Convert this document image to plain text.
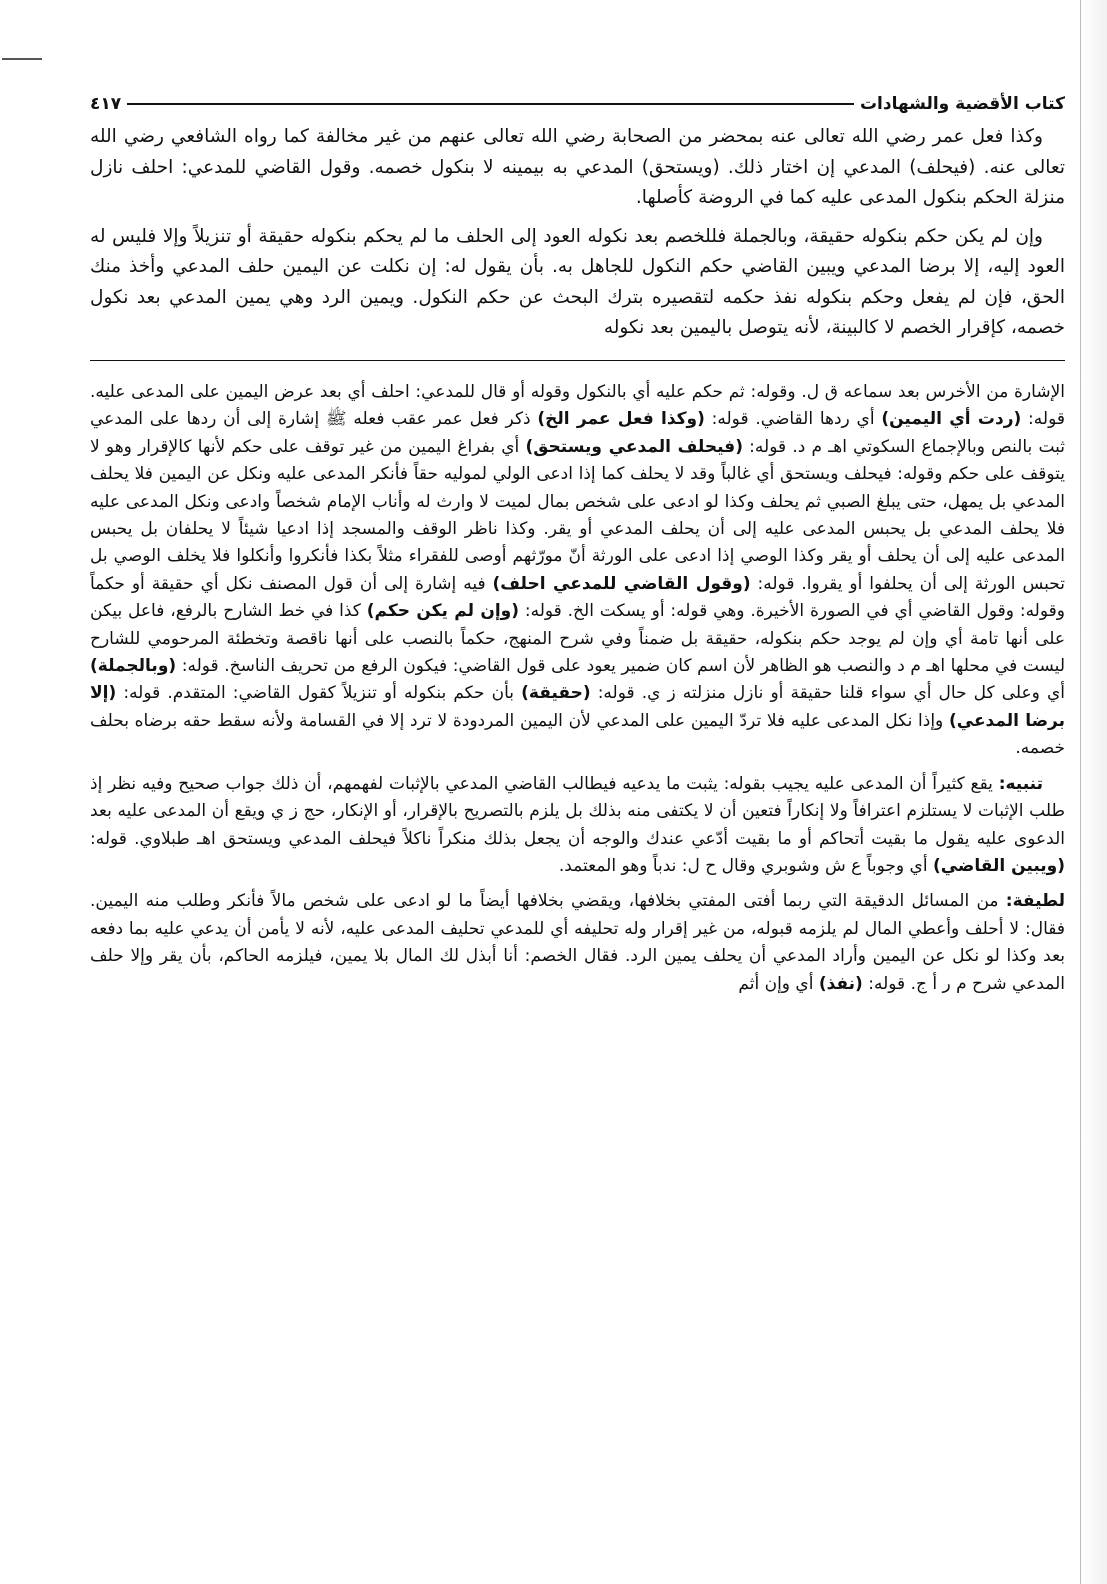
كتاب الأقضية والشهادات
٤١٧

وكذا فعل عمر رضي الله تعالى عنه بمحضر من الصحابة رضي الله تعالى عنهم من غير مخالفة كما رواه الشافعي رضي الله تعالى عنه. (فيحلف) المدعي إن اختار ذلك. (ويستحق) المدعي به بيمينه لا بنكول خصمه. وقول القاضي للمدعي: احلف نازل منزلة الحكم بنكول المدعى عليه كما في الروضة كأصلها.

وإن لم يكن حكم بنكوله حقيقة، وبالجملة فللخصم بعد نكوله العود إلى الحلف ما لم يحكم بنكوله حقيقة أو تنزيلاً وإلا فليس له العود إليه، إلا برضا المدعي ويبين القاضي حكم النكول للجاهل به. بأن يقول له: إن نكلت عن اليمين حلف المدعي وأخذ منك الحق، فإن لم يفعل وحكم بنكوله نفذ حكمه لتقصيره بترك البحث عن حكم النكول. ويمين الرد وهي يمين المدعي بعد نكول خصمه، كإقرار الخصم لا كالبينة، لأنه يتوصل باليمين بعد نكوله

الإشارة من الأخرس بعد سماعه ق ل. وقوله: ثم حكم عليه أي بالنكول وقوله أو قال للمدعي: احلف أي بعد عرض اليمين على المدعى عليه. قوله: (ردت أي اليمين) أي ردها القاضي. قوله: (وكذا فعل عمر الخ) ذكر فعل عمر عقب فعله ﷺ إشارة إلى أن ردها على المدعي ثبت بالنص وبالإجماع السكوتي اهـ م د. قوله: (فيحلف المدعي ويستحق) أي بفراغ اليمين من غير توقف على حكم لأنها كالإقرار وهو لا يتوقف على حكم وقوله: فيحلف ويستحق أي غالباً وقد لا يحلف كما إذا ادعى الولي لموليه حقاً فأنكر المدعى عليه ونكل عن اليمين فلا يحلف المدعي بل يمهل، حتى يبلغ الصبي ثم يحلف وكذا لو ادعى على شخص بمال لميت لا وارث له وأناب الإمام شخصاً وادعى ونكل المدعى عليه فلا يحلف المدعي بل يحبس المدعى عليه إلى أن يحلف المدعي أو يقر. وكذا ناظر الوقف والمسجد إذا ادعيا شيئاً لا يحلفان بل يحبس المدعى عليه إلى أن يحلف أو يقر وكذا الوصي إذا ادعى على الورثة أنّ مورّثهم أوصى للفقراء مثلاً بكذا فأنكروا وأنكلوا فلا يخلف الوصي بل تحبس الورثة إلى أن يحلفوا أو يقروا. قوله: (وقول القاضي للمدعي احلف) فيه إشارة إلى أن قول المصنف نكل أي حقيقة أو حكماً وقوله: وقول القاضي أي في الصورة الأخيرة. وهي قوله: أو يسكت الخ. قوله: (وإن لم يكن حكم) كذا في خط الشارح بالرفع، فاعل بيكن على أنها تامة أي وإن لم يوجد حكم بنكوله، حقيقة بل ضمناً وفي شرح المنهج، حكماً بالنصب على أنها ناقصة وتخطئة المرحومي للشارح ليست في محلها اهـ م د والنصب هو الظاهر لأن اسم كان ضمير يعود على قول القاضي: فيكون الرفع من تحريف الناسخ. قوله: (وبالجملة) أي وعلى كل حال أي سواء قلنا حقيقة أو نازل منزلته ز ي. قوله: (حقيقة) بأن حكم بنكوله أو تنزيلاً كقول القاضي: المتقدم. قوله: (إلا برضا المدعي) وإذا نكل المدعى عليه فلا تردّ اليمين على المدعي لأن اليمين المردودة لا ترد إلا في القسامة ولأنه سقط حقه برضاه بحلف خصمه.

تنبيه: يقع كثيراً أن المدعى عليه يجيب بقوله: يثبت ما يدعيه فيطالب القاضي المدعي بالإثبات لفهمهم، أن ذلك جواب صحيح وفيه نظر إذ طلب الإثبات لا يستلزم اعترافاً ولا إنكاراً فتعين أن لا يكتفى منه بذلك بل يلزم بالتصريح بالإقرار، أو الإنكار، حج ز ي ويقع أن المدعى عليه بعد الدعوى عليه يقول ما بقيت أتحاكم أو ما بقيت أدّعي عندك والوجه أن يجعل بذلك منكراً ناكلاً فيحلف المدعي ويستحق اهـ طبلاوي. قوله: (ويبين القاضي) أي وجوباً ع ش وشوبري وقال ح ل: ندباً وهو المعتمد.

لطيفة: من المسائل الدقيقة التي ربما أفتى المفتي بخلافها، ويقضي بخلافها أيضاً ما لو ادعى على شخص مالاً فأنكر وطلب منه اليمين. فقال: لا أحلف وأعطي المال لم يلزمه قبوله، من غير إقرار وله تحليفه أي للمدعي تحليف المدعى عليه، لأنه لا يأمن أن يدعي عليه بما دفعه بعد وكذا لو نكل عن اليمين وأراد المدعي أن يحلف يمين الرد. فقال الخصم: أنا أبذل لك المال بلا يمين، فيلزمه الحاكم، بأن يقر وإلا حلف المدعي شرح م ر أ ج. قوله: (نفذ) أي وإن أثم
